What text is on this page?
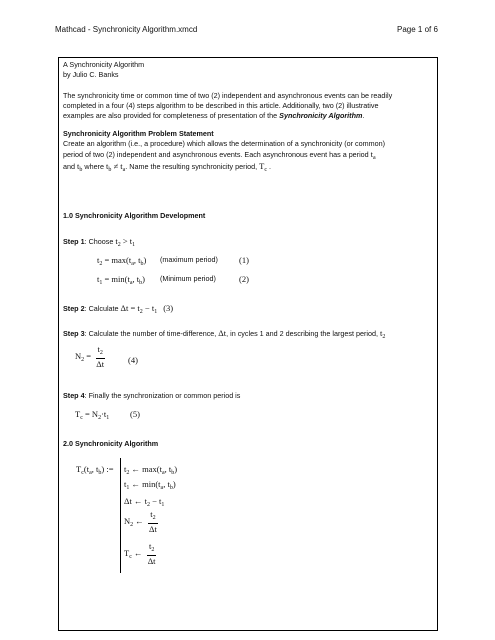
Mathcad - Synchronicity Algorithm.xmcd	Page 1 of 6
A Synchronicity Algorithm
by Julio C. Banks
The synchronicity time or common time of two (2) independent and asynchronous events can be readily
completed in a four (4) steps algorithm to be described in this article. Additionally, two (2) illustrative
examples are also provided for completeness of presentation of the Synchronicity Algorithm.
Synchronicity Algorithm Problem Statement
Create an algorithm (i.e., a procedure) which allows the determination of a synchronicity (or common)
period of two (2) independent and asynchronous events. Each asynchronous event has a period $t_a$
and $t_b$ where $t_b \ne t_a$. Name the resulting synchronicity period, $T_c$ .
1.0 Synchronicity Algorithm Development
Step 1: Choose $t_2 > t_1$
$t_2 = \max(t_a$, $t_b$) (maximum period) (1)
$t_1 = \min(t_a$, $t_b$) (Minimum period)	(2)
Step 2: Calculate $\Delta t = t_2 - t_1$ (3)
Step 3: Calculate the number of time-difference, Δt, in cycles 1 and 2 describing the largest period, $t_2$
$N_2 = \frac{t_2}{\Delta t}$	(4)
Step 4: Finally the synchronization or common period is
$T_c = N_2\cdot t_1$ (5)
2.0 Synchronicity Algorithm
$T_c(t_a$, $t_b$) := $t_2$ ← $\max(t_a$, $t_b$)
$t_1$ ← $\min(t_a$, $t_b$)
Δt ← $t_2 - t_1$
$N_2$ ← $\frac{t_2}{\Delta t}$
$T_c$ ← $\frac{t_2}{\Delta t}$
